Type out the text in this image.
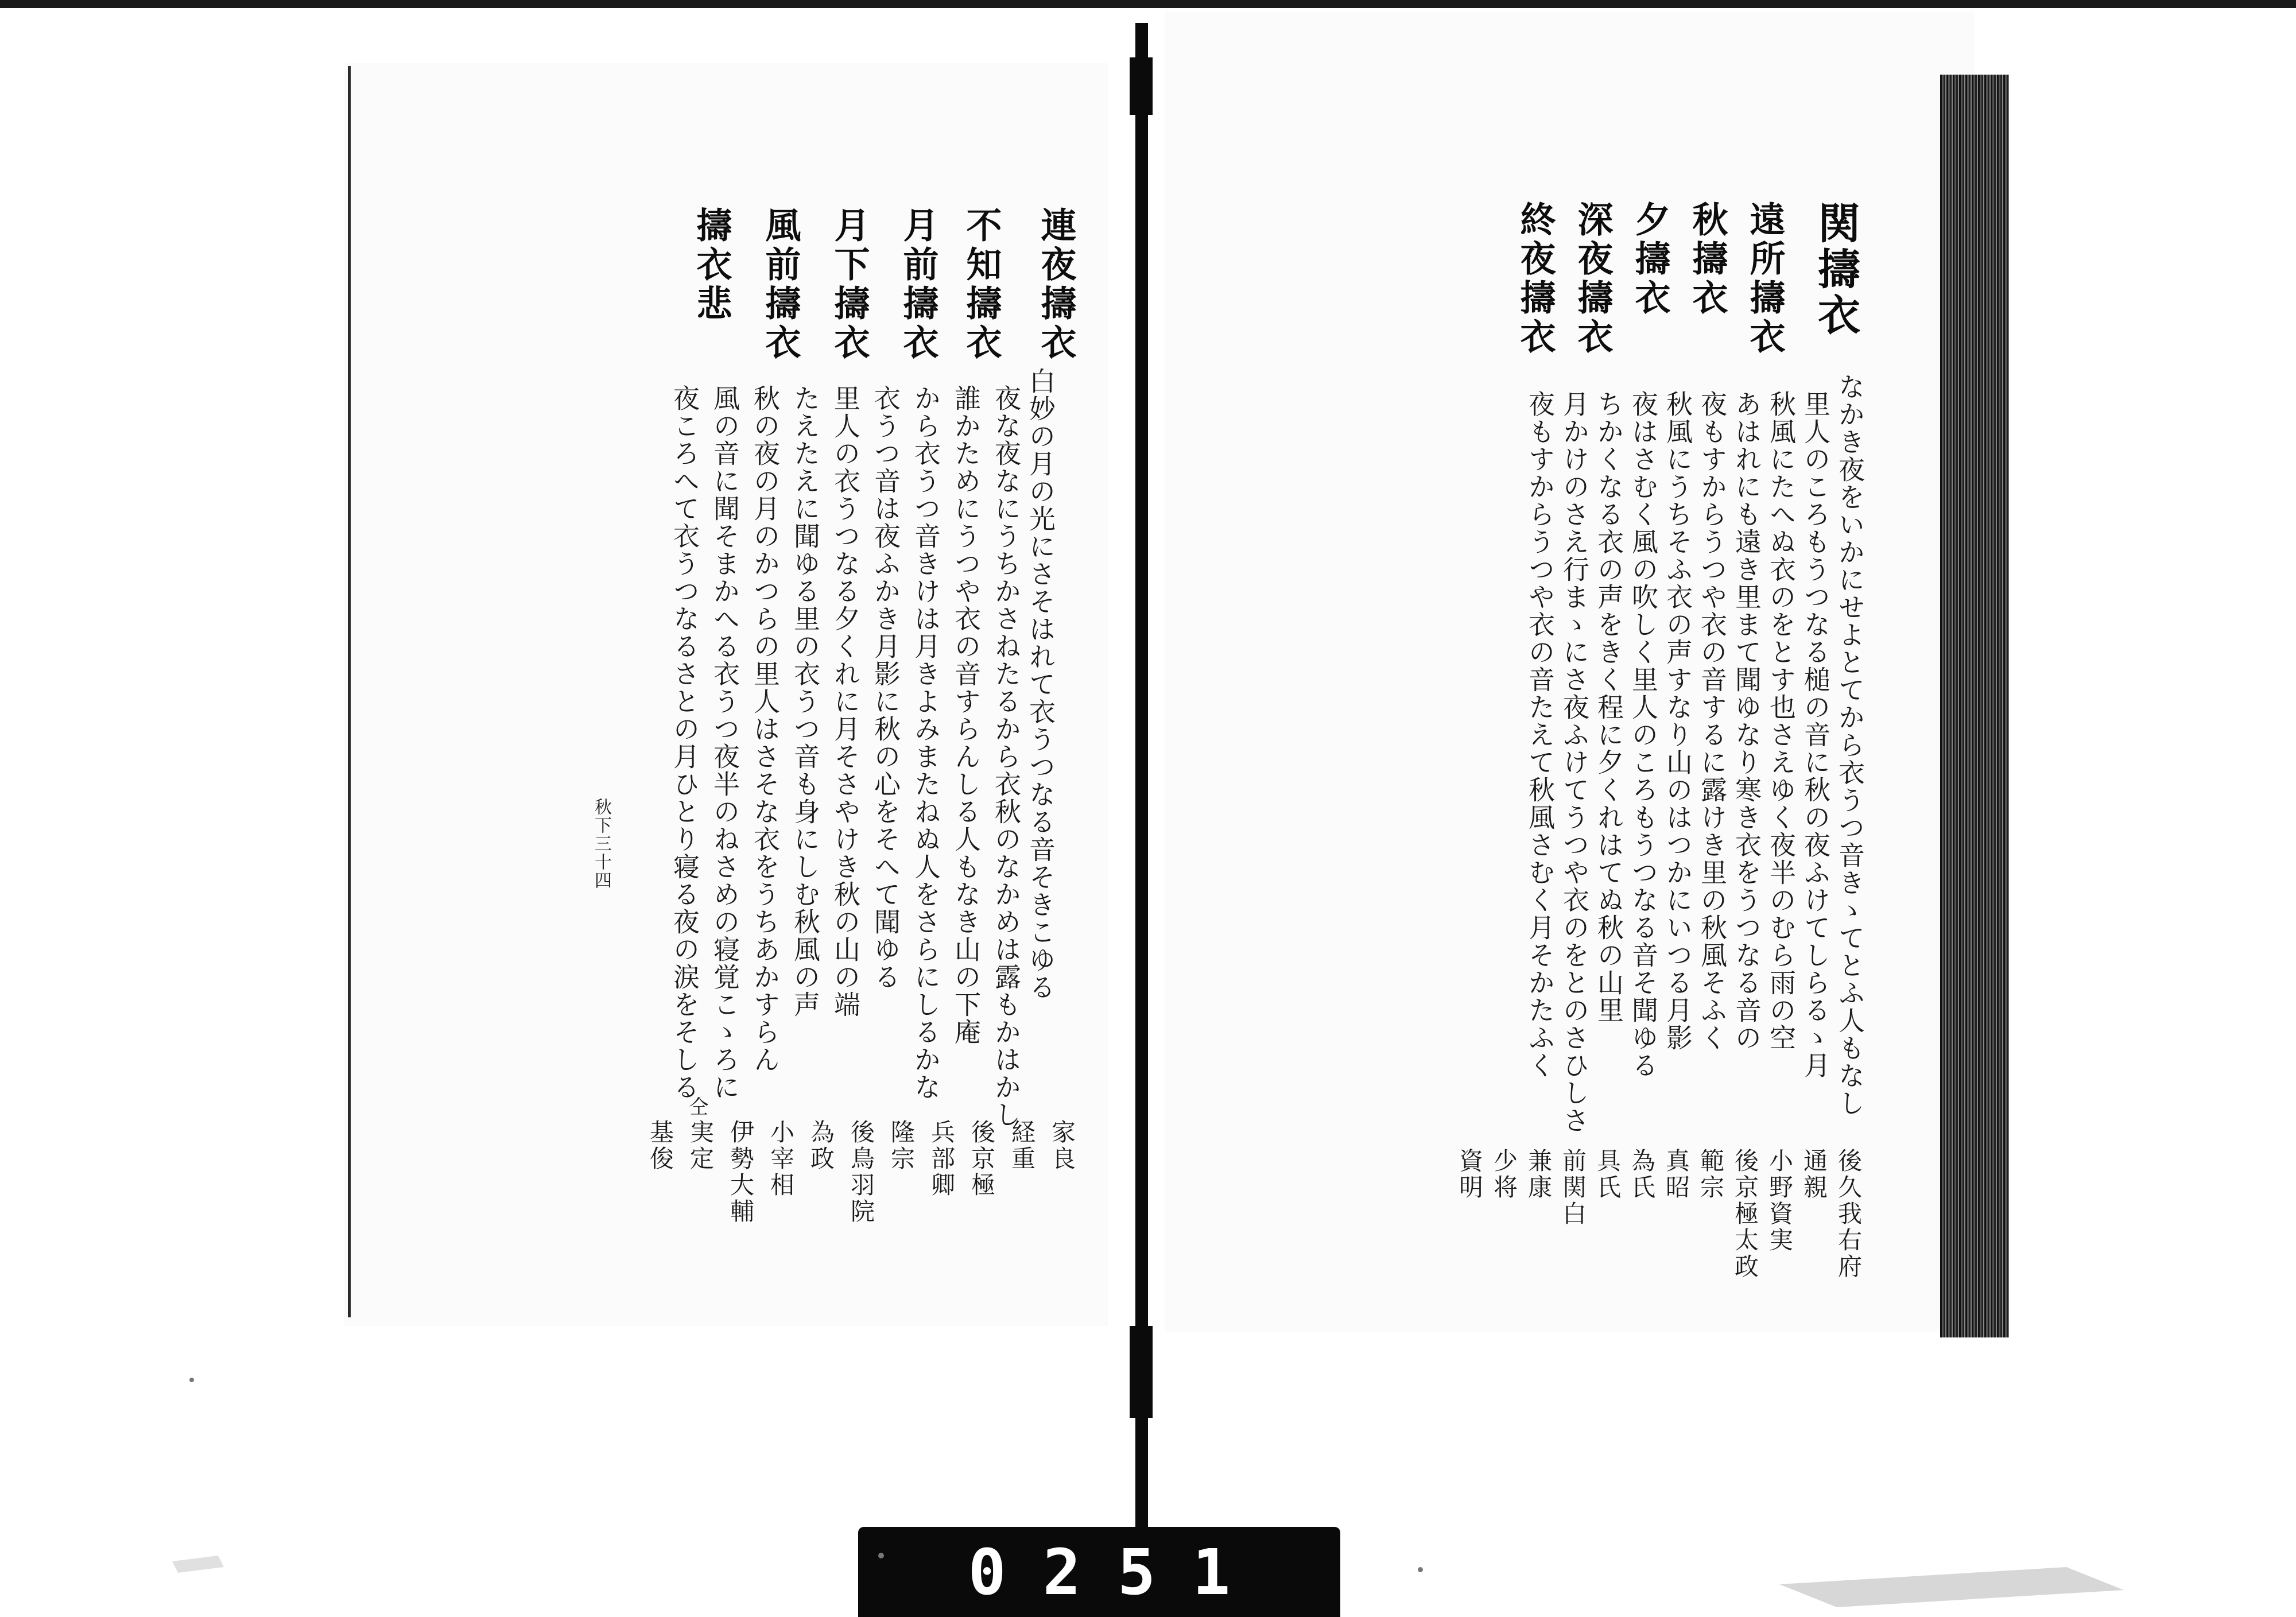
関擣衣
遠所擣衣
秋擣衣
夕擣衣
深夜擣衣
終夜擣衣
なかき夜をいかにせよとてから衣うつ音きゝてとふ人もなし
里人のころもうつなる槌の音に秋の夜ふけてしらるゝ月
秋風にたへぬ衣のをとす也さえゆく夜半のむら雨の空
あはれにも遠き里まて聞ゆなり寒き衣をうつなる音の
夜もすからうつや衣の音するに露けき里の秋風そふく
秋風にうちそふ衣の声すなり山のはつかにいつる月影
夜はさむく風の吹しく里人のころもうつなる音そ聞ゆる
ちかくなる衣の声をきく程に夕くれはてぬ秋の山里
月かけのさえ行まゝにさ夜ふけてうつや衣のをとのさひしさ
夜もすからうつや衣の音たえて秋風さむく月そかたふく
後久我右府
通親
小野資実
後京極太政
範宗
真昭
為氏
具氏
前関白
兼康
少将
資明
連夜擣衣
不知擣衣
月前擣衣
月下擣衣
風前擣衣
擣衣悲
白妙の月の光にさそはれて衣うつなる音そきこゆる
夜な夜なにうちかさねたるから衣秋のなかめは露もかはかし
誰かためにうつや衣の音すらんしる人もなき山の下庵
から衣うつ音きけは月きよみまたねぬ人をさらにしるかな
衣うつ音は夜ふかき月影に秋の心をそへて聞ゆる
里人の衣うつなる夕くれに月そさやけき秋の山の端
たえたえに聞ゆる里の衣うつ音も身にしむ秋風の声
秋の夜の月のかつらの里人はさそな衣をうちあかすらん
風の音に聞そまかへる衣うつ夜半のねさめの寝覚こゝろに
夜ころへて衣うつなるさとの月ひとり寝る夜の涙をそしる
家良
経重
後京極
兵部卿
隆宗
後鳥羽院
為政
小宰相
伊勢大輔
実定
基俊
仝
秋下三十四
0251
